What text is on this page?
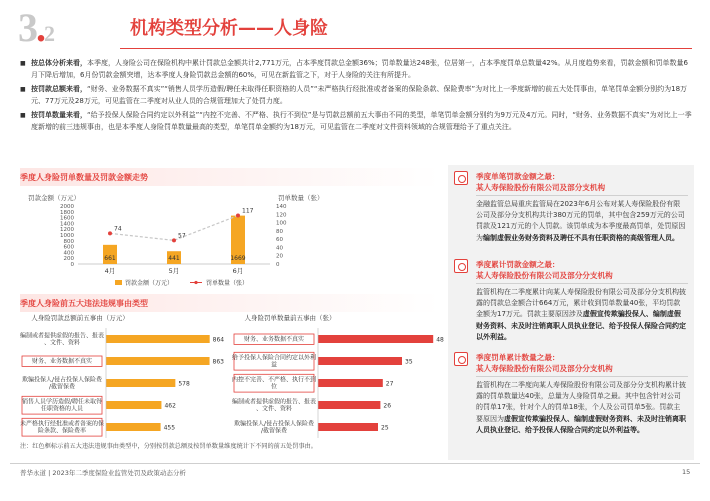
3.2	机构类型分析——人身险
■ 按总体分析来看，本季度，人身险公司在保险机构中累计罚款总金额共计2,771万元，占本季度罚款总金额36%；罚单数量达248张，位居第一，占本季度罚单总数量42%。从月度趋势来看，罚款金额和罚单数量6月下降后增加，6月份罚款金额突增，达本季度人身险罚款总金额的60%，可见在新监管之下，对于人身险的关注有所提升。
■ 按罚款总额来看，“财务、业务数据不真实”“销售人员学历造假/聘任未取得任职资格的人员”“未严格执行经批准或者备案的保险条款、保险费率”为对比上一季度新增的前五大处罚事由，单笔罚单金额分别约为18万元、77万元及28万元，可见监管在二季度对从业人员的合规管理加大了处罚力度。
■ 按罚单数量来看，“给予投保人保险合同约定以外利益”“内控不完善、不严格、执行不到位”是与罚款总额前五大事由不同的类型，单笔罚单金额分别约为9万元及4万元。同时，“财务、业务数据不真实”为对比上一季度新增的前三违规事由，也是本季度人身险罚单数量最高的类型，单笔罚单金额约为18万元，可见监管在二季度对文件资料领域的合规管理给予了重点关注。
季度人身险罚单数量及罚款金额走势
罚款金额（万元）	罚单数量（张）
2000
1800
1600
1400
1200
1000
800
600
400
200
0
140
120
100
80
60
40
20
0
661
4月
441
5月
1669
6月
74
57
117
罚款金额（万元）	罚单数量（张）
季度人身险前五大违法违规事由类型
人身险罚款总额前五事由（万元）
编制或者提供虚假的报告、报表
、文件、资料	864
财务、业务数据不真实	863
欺骗投保人/侵占投保人保险费
/截留保费	578
销售人员学历造假/聘任未取得
任职资格的人员	462
未严格执行经批准或者备案的保
险条款、保险费率	455
人身险罚单数量前五事由（张）
财务、业务数据不真实	48
给予投保人保险合同约定以外利
益	35
内控不完善、不严格、执行不到
位	27
编制或者提供虚假的报告、报表
、文件、资料	26
欺骗投保人/侵占投保人保险费
/截留保费	25
注：红色框标示前五大违法违规事由类型中，分别按罚款总额及按罚单数量维度统计下不同的前五处罚事由。
普华永道 | 2023年二季度保险业监管处罚及政策动态分析	15
季度单笔罚款金额之最：
某人寿保险股份有限公司及部分支机构
金融监管总局重庆监管局在2023年6月公布对某人寿保险股份有限公司及部分分支机构共计380万元的罚单，其中包含259万元的公司罚款及121万元的个人罚款。该罚单成为本季度最高罚单，处罚原因为编制虚假业务财务资料及聘任不具有任职资格的高级管理人员。
季度累计罚款金额之最：
某人寿保险股份有限公司及部分分支机构
监管机构在二季度累计向某人寿保险股份有限公司及部分分支机构披露的罚款总金额合计664万元，累计收到罚单数量40张，平均罚款金额为17万元。罚款主要原因涉及虚假宣传欺骗投保人、编制虚假财务资料、未及时注销离职人员执业登记、给予投保人保险合同约定以外利益。
季度罚单累计数量之最：
某人寿保险股份有限公司及部分分支机构
监管机构在二季度向某人寿保险股份有限公司及部分分支机构累计披露的罚单数量达40张，总量为人身险罚单之最。其中包含针对公司的罚单17张，针对个人的罚单18张，个人及公司罚单5张。罚款主要原因为虚假宣传欺骗投保人、编制虚假财务资料、未及时注销离职人员执业登记、给予投保人保险合同约定以外利益等。
